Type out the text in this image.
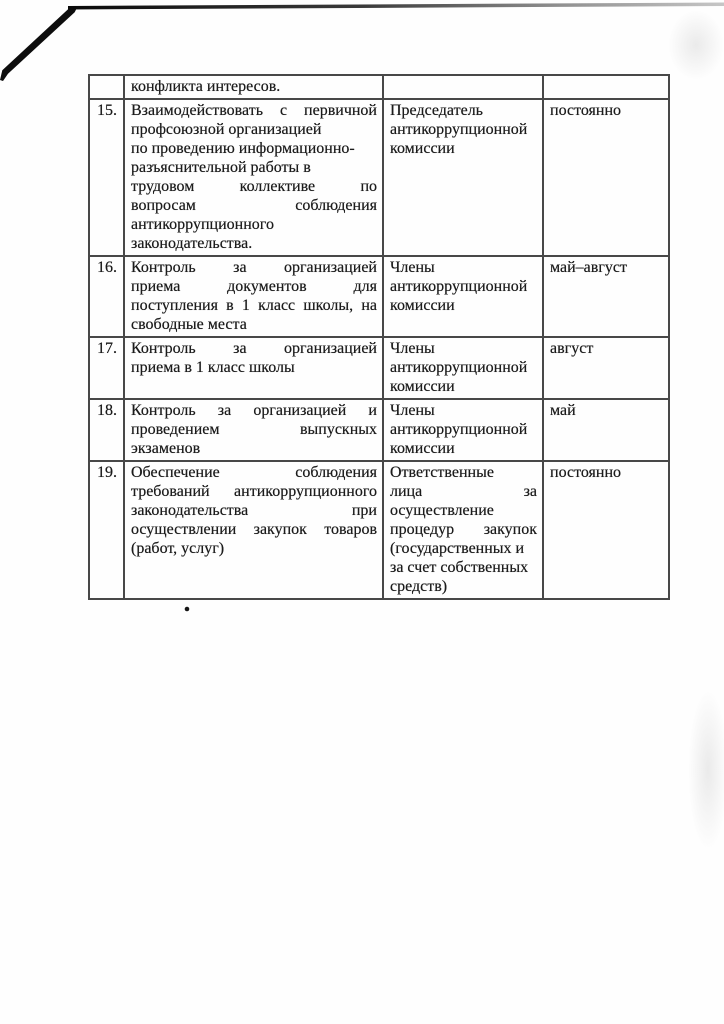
	конфликта интересов.		

15.	Взаимодействовать с первичной
профсоюзной организацией
по проведению информационно-
разъяснительной работы в
трудовом коллективе по
вопросам соблюдения
антикоррупционного
законодательства.

Председатель
антикоррупционной
комиссии
	постоянно
16.	Контроль за организацией
приема документов для
поступления в 1 класс школы, на
свободные места

Члены
антикоррупционной
комиссии
	май–август
17.	Контроль за организацией
приема в 1 класс школы

Члены
антикоррупционной
комиссии
	август
18.	Контроль за организацией и
проведением выпускных
экзаменов

Члены
антикоррупционной
комиссии
	май
19.	Обеспечение соблюдения
требований антикоррупционного
законодательства при
осуществлении закупок товаров
(работ, услуг)

Ответственные
лица за
осуществление
процедур закупок
(государственных и
за счет собственных
средств)
	постоянно
